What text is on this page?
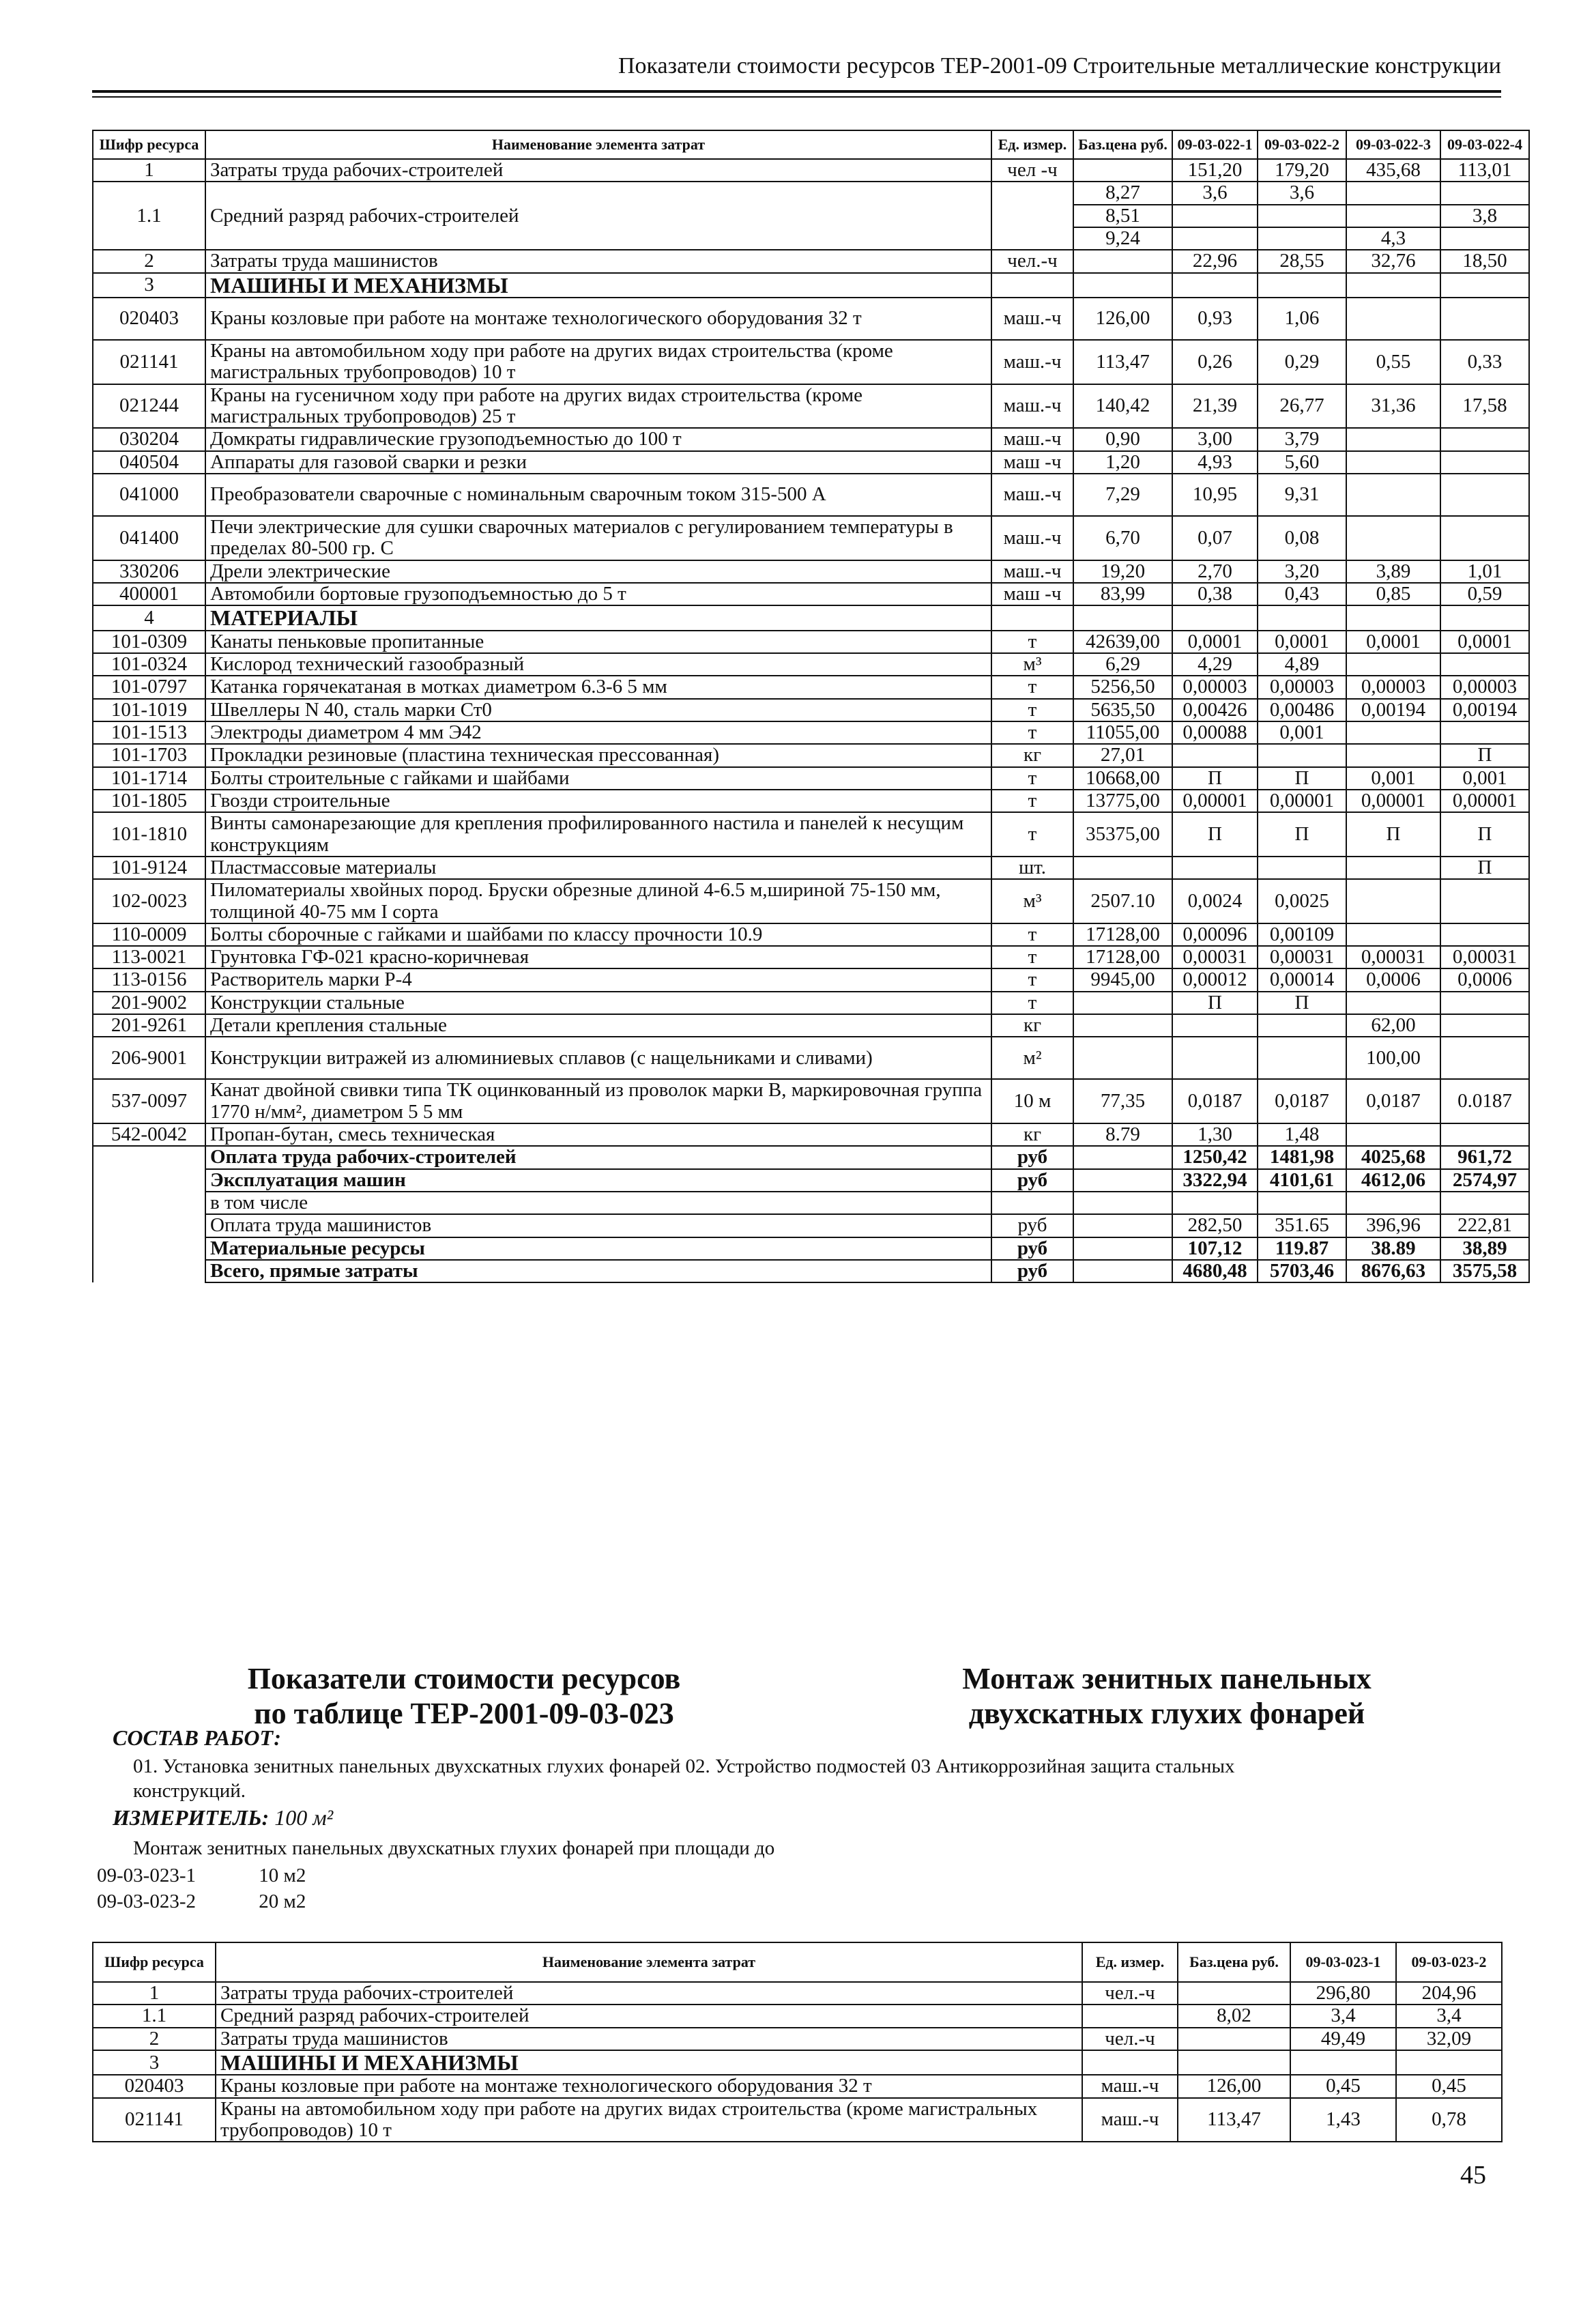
Показатели стоимости ресурсов ТЕР-2001-09 Строительные металлические конструкции
Шифр ресурса	Наименование элемента затрат	Ед. измер.	Баз.цена руб.	09-03-022-1	09-03-022-2	09-03-022-3	09-03-022-4
1	Затраты труда рабочих-строителей	чел -ч		151,20	179,20	435,68	113,01
1.1	Средний разряд рабочих-строителей		8,27	3,6	3,6		
			8,51				3,8
			9,24			4,3	
2	Затраты труда машинистов	чел.-ч		22,96	28,55	32,76	18,50
3	МАШИНЫ И МЕХАНИЗМЫ						
020403	Краны козловые при работе на монтаже технологического оборудования 32 т	маш.-ч	126,00	0,93	1,06		
021141	Краны на автомобильном ходу при работе на других видах строительства (кроме магистральных трубопроводов) 10 т	маш.-ч	113,47	0,26	0,29	0,55	0,33
021244	Краны на гусеничном ходу при работе на других видах строительства (кроме магистральных трубопроводов) 25 т	маш.-ч	140,42	21,39	26,77	31,36	17,58
030204	Домкраты гидравлические грузоподъемностью до 100 т	маш.-ч	0,90	3,00	3,79		
040504	Аппараты для газовой сварки и резки	маш -ч	1,20	4,93	5,60		
041000	Преобразователи сварочные с номинальным сварочным током 315-500 А	маш.-ч	7,29	10,95	9,31		
041400	Печи электрические для сушки сварочных материалов с регулированием температуры в пределах 80-500 гр. С	маш.-ч	6,70	0,07	0,08		
330206	Дрели электрические	маш.-ч	19,20	2,70	3,20	3,89	1,01
400001	Автомобили бортовые грузоподъемностью до 5 т	маш -ч	83,99	0,38	0,43	0,85	0,59
4	МАТЕРИАЛЫ						
101-0309	Канаты пеньковые пропитанные	т	42639,00	0,0001	0,0001	0,0001	0,0001
101-0324	Кислород технический газообразный	м³	6,29	4,29	4,89		
101-0797	Катанка горячекатаная в мотках диаметром 6.3-6 5 мм	т	5256,50	0,00003	0,00003	0,00003	0,00003
101-1019	Швеллеры N 40, сталь марки Ст0	т	5635,50	0,00426	0,00486	0,00194	0,00194
101-1513	Электроды диаметром 4 мм Э42	т	11055,00	0,00088	0,001		
101-1703	Прокладки резиновые (пластина техническая прессованная)	кг	27,01				П
101-1714	Болты строительные с гайками и шайбами	т	10668,00	П	П	0,001	0,001
101-1805	Гвозди строительные	т	13775,00	0,00001	0,00001	0,00001	0,00001
101-1810	Винты самонарезающие для крепления профилированного настила и панелей к несущим конструкциям	т	35375,00	П	П	П	П
101-9124	Пластмассовые материалы	шт.					П
102-0023	Пиломатериалы хвойных пород. Бруски обрезные длиной 4-6.5 м,шириной 75-150 мм, толщиной 40-75 мм I сорта	м³	2507.10	0,0024	0,0025		
110-0009	Болты сборочные с гайками и шайбами по классу прочности 10.9	т	17128,00	0,00096	0,00109		
113-0021	Грунтовка ГФ-021 красно-коричневая	т	17128,00	0,00031	0,00031	0,00031	0,00031
113-0156	Растворитель марки Р-4	т	9945,00	0,00012	0,00014	0,0006	0,0006
201-9002	Конструкции стальные	т		П	П		
201-9261	Детали крепления стальные	кг				62,00	
206-9001	Конструкции витражей из алюминиевых сплавов (с нащельниками и сливами)	м²				100,00	
537-0097	Канат двойной свивки типа ТК оцинкованный из проволок марки В, маркировочная группа 1770 н/мм², диаметром 5 5 мм	10 м	77,35	0,0187	0,0187	0,0187	0.0187
542-0042	Пропан-бутан, смесь техническая	кг	8.79	1,30	1,48		
	Оплата труда рабочих-строителей	руб		1250,42	1481,98	4025,68	961,72
	Эксплуатация машин	руб		3322,94	4101,61	4612,06	2574,97
	в том числе						
	Оплата труда машинистов	руб		282,50	351.65	396,96	222,81
	Материальные ресурсы	руб		107,12	119.87	38.89	38,89
	Всего, прямые затраты	руб		4680,48	5703,46	8676,63	3575,58
Показатели стоимости ресурсов
по таблице ТЕР-2001-09-03-023
Монтаж зенитных панельных
двухскатных глухих фонарей
СОСТАВ РАБОТ:
01. Установка зенитных панельных двухскатных глухих фонарей 02. Устройство подмостей 03 Антикоррозийная защита стальных
конструкций.
ИЗМЕРИТЕЛЬ: 100 м²
Монтаж зенитных панельных двухскатных глухих фонарей при площади до
09-03-023-1	10 м2
09-03-023-2	20 м2
Шифр ресурса	Наименование элемента затрат	Ед. измер.	Баз.цена руб.	09-03-023-1	09-03-023-2
1	Затраты труда рабочих-строителей	чел.-ч		296,80	204,96
1.1	Средний разряд рабочих-строителей		8,02	3,4	3,4
2	Затраты труда машинистов	чел.-ч		49,49	32,09
3	МАШИНЫ И МЕХАНИЗМЫ				
020403	Краны козловые при работе на монтаже технологического оборудования 32 т	маш.-ч	126,00	0,45	0,45
021141	Краны на автомобильном ходу при работе на других видах строительства (кроме магистральных трубопроводов) 10 т	маш.-ч	113,47	1,43	0,78
45
